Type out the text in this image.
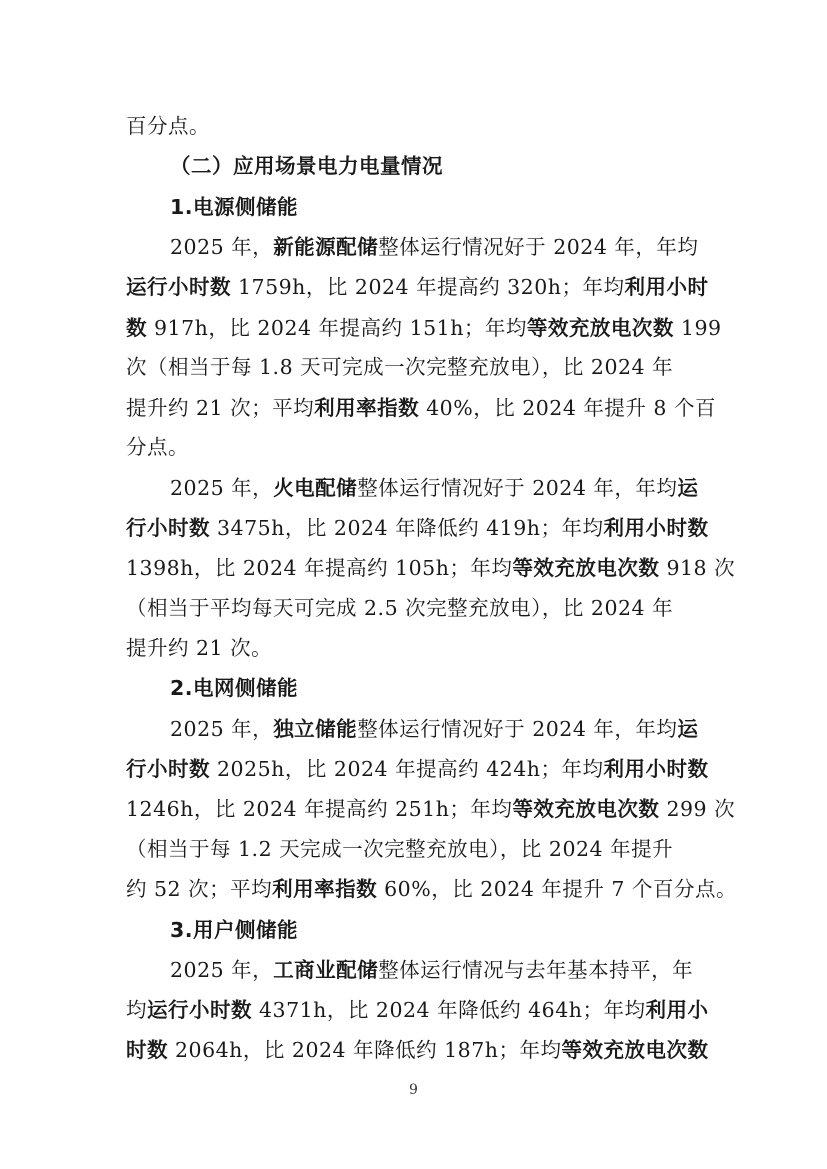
百分点。
（二）应用场景电力电量情况
1.电源侧储能
2025 年，新能源配储整体运行情况好于 2024 年，年均
运行小时数 1759h，比 2024 年提高约 320h；年均利用小时
数 917h，比 2024 年提高约 151h；年均等效充放电次数 199
次（相当于每 1.8 天可完成一次完整充放电），比 2024 年
提升约 21 次；平均利用率指数 40%，比 2024 年提升 8 个百
分点。
2025 年，火电配储整体运行情况好于 2024 年，年均运
行小时数 3475h，比 2024 年降低约 419h；年均利用小时数
1398h，比 2024 年提高约 105h；年均等效充放电次数 918 次
（相当于平均每天可完成 2.5 次完整充放电），比 2024 年
提升约 21 次。
2.电网侧储能
2025 年，独立储能整体运行情况好于 2024 年，年均运
行小时数 2025h，比 2024 年提高约 424h；年均利用小时数
1246h，比 2024 年提高约 251h；年均等效充放电次数 299 次
（相当于每 1.2 天完成一次完整充放电），比 2024 年提升
约 52 次；平均利用率指数 60%，比 2024 年提升 7 个百分点。
3.用户侧储能
2025 年，工商业配储整体运行情况与去年基本持平，年
均运行小时数 4371h，比 2024 年降低约 464h；年均利用小
时数 2064h，比 2024 年降低约 187h；年均等效充放电次数
9
